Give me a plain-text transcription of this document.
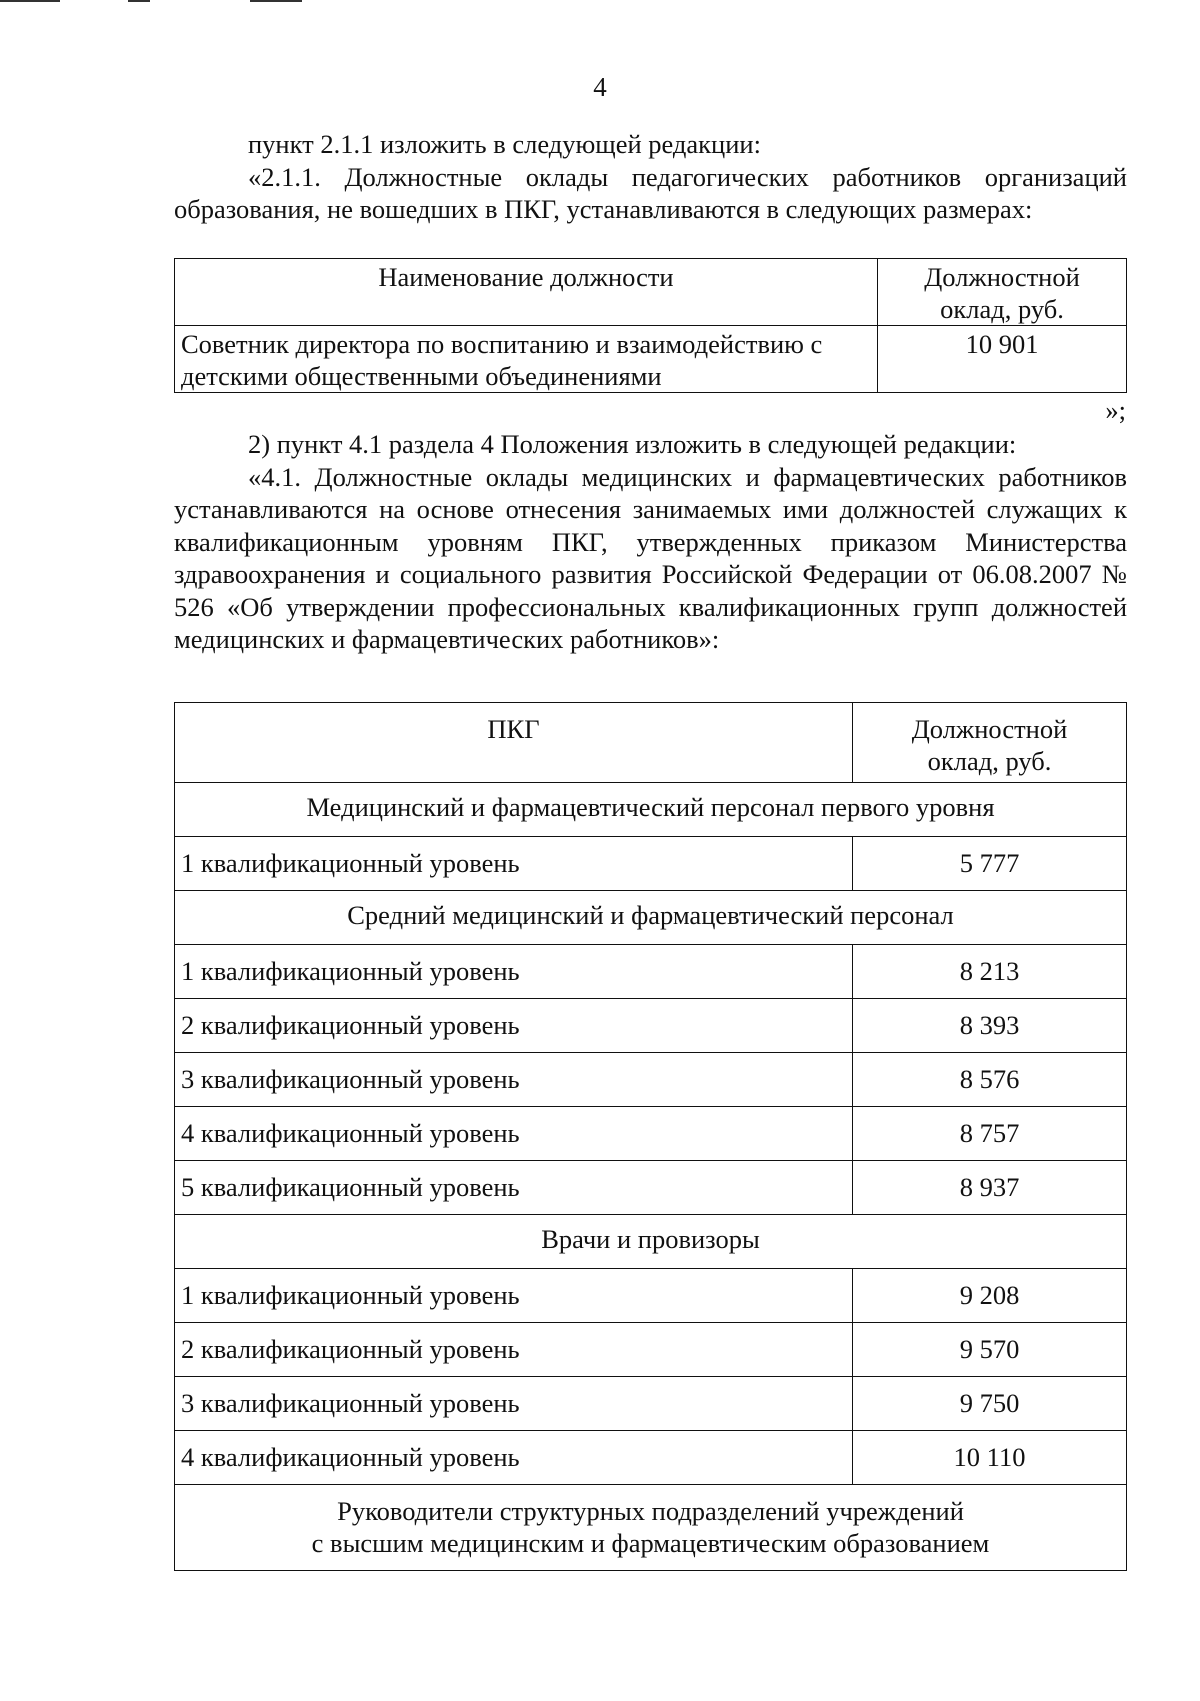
4

пункт 2.1.1 изложить в следующей редакции:

«2.1.1. Должностные оклады педагогических работников организаций образования, не вошедших в ПКГ, устанавливаются в следующих размерах:

Наименование должности	Должностной
оклад, руб.
Советник директора по воспитанию и взаимодействию с детскими общественными объединениями	10 901
»;

2) пункт 4.1 раздела 4 Положения изложить в следующей редакции:

«4.1. Должностные оклады медицинских и фармацевтических работников устанавливаются на основе отнесения занимаемых ими должностей служащих к квалификационным уровням ПКГ, утвержденных приказом Министерства здравоохранения и социального развития Российской Федерации от 06.08.2007 № 526 «Об утверждении профессиональных квалификационных групп должностей медицинских и фармацевтических работников»:

ПКГ	Должностной
оклад, руб.
Медицинский и фармацевтический персонал первого уровня	
1 квалификационный уровень	5 777
Средний медицинский и фармацевтический персонал	
1 квалификационный уровень	8 213
2 квалификационный уровень	8 393
3 квалификационный уровень	8 576
4 квалификационный уровень	8 757
5 квалификационный уровень	8 937
Врачи и провизоры	
1 квалификационный уровень	9 208
2 квалификационный уровень	9 570
3 квалификационный уровень	9 750
4 квалификационный уровень	10 110
Руководители структурных подразделений учреждений
с высшим медицинским и фармацевтическим образованием	
